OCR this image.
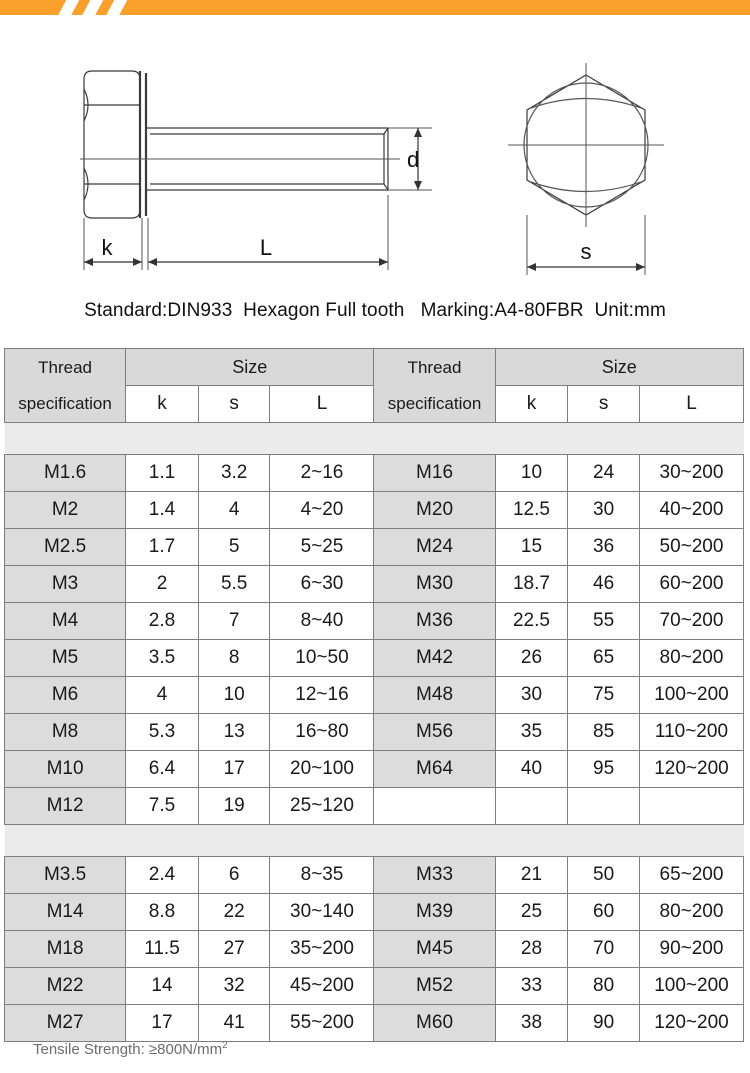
d
k	L	s
Standard:DIN933  Hexagon Full tooth   Marking:A4-80FBR  Unit:mm
Thread
specification
	Size	Thread
specification
	Size
	k	s	L		k	s	L

M1.6	1.1	3.2	2~16	M16	10	24	30~200
M2	1.4	4	4~20	M20	12.5	30	40~200
M2.5	1.7	5	5~25	M24	15	36	50~200
M3	2	5.5	6~30	M30	18.7	46	60~200
M4	2.8	7	8~40	M36	22.5	55	70~200
M5	3.5	8	10~50	M42	26	65	80~200
M6	4	10	12~16	M48	30	75	100~200
M8	5.3	13	16~80	M56	35	85	110~200
M10	6.4	17	20~100	M64	40	95	120~200
M12	7.5	19	25~120				

M3.5	2.4	6	8~35	M33	21	50	65~200
M14	8.8	22	30~140	M39	25	60	80~200
M18	11.5	27	35~200	M45	28	70	90~200
M22	14	32	45~200	M52	33	80	100~200
M27	17	41	55~200	M60	38	90	120~200
Tensile Strength: $\ge 800N/mm^2$
